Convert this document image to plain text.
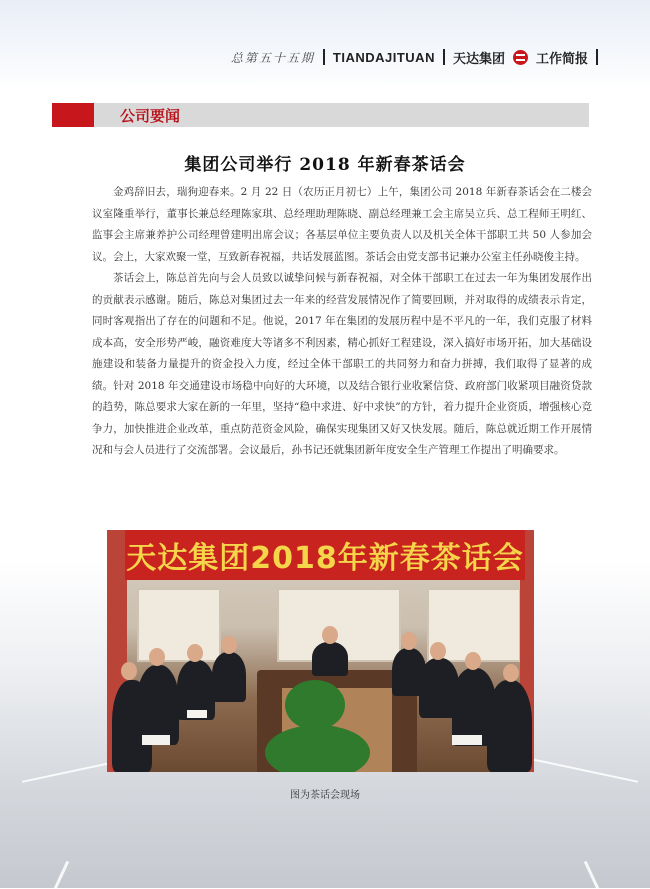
总第五十五期 TIANDAJITUAN 天达集团 工作简报
公司要闻
集团公司举行 2018 年新春茶话会

金鸡辞旧去，瑞狗迎春来。2 月 22 日（农历正月初七）上午，集团公司 2018 年新春茶话会在二楼会议室隆重举行，董事长兼总经理陈家琪、总经理助理陈晓、副总经理兼工会主席吴立兵、总工程师王明红、监事会主席兼养护公司经理曾建明出席会议；各基层单位主要负责人以及机关全体干部职工共 50 人参加会议。会上，大家欢聚一堂，互致新春祝福，共话发展蓝图。茶话会由党支部书记兼办公室主任孙晓俊主持。

茶话会上，陈总首先向与会人员致以诚挚问候与新春祝福，对全体干部职工在过去一年为集团发展作出的贡献表示感谢。随后，陈总对集团过去一年来的经营发展情况作了简要回顾，并对取得的成绩表示肯定，同时客观指出了存在的问题和不足。他说，2017 年在集团的发展历程中是不平凡的一年，我们克服了材料成本高，安全形势严峻，融资难度大等诸多不利因素，精心抓好工程建设，深入搞好市场开拓，加大基础设施建设和装备力量提升的资金投入力度，经过全体干部职工的共同努力和奋力拼搏，我们取得了显著的成绩。针对 2018 年交通建设市场稳中向好的大环境，以及结合银行业收紧信贷、政府部门收紧项目融资贷款的趋势，陈总要求大家在新的一年里，坚持“稳中求进、好中求快”的方针，着力提升企业资质，增强核心竞争力，加快推进企业改革，重点防范资金风险，确保实现集团又好又快发展。随后，陈总就近期工作开展情况和与会人员进行了交流部署。会议最后，孙书记还就集团新年度安全生产管理工作提出了明确要求。

天达集团2018年新春茶话会
图为茶话会现场
